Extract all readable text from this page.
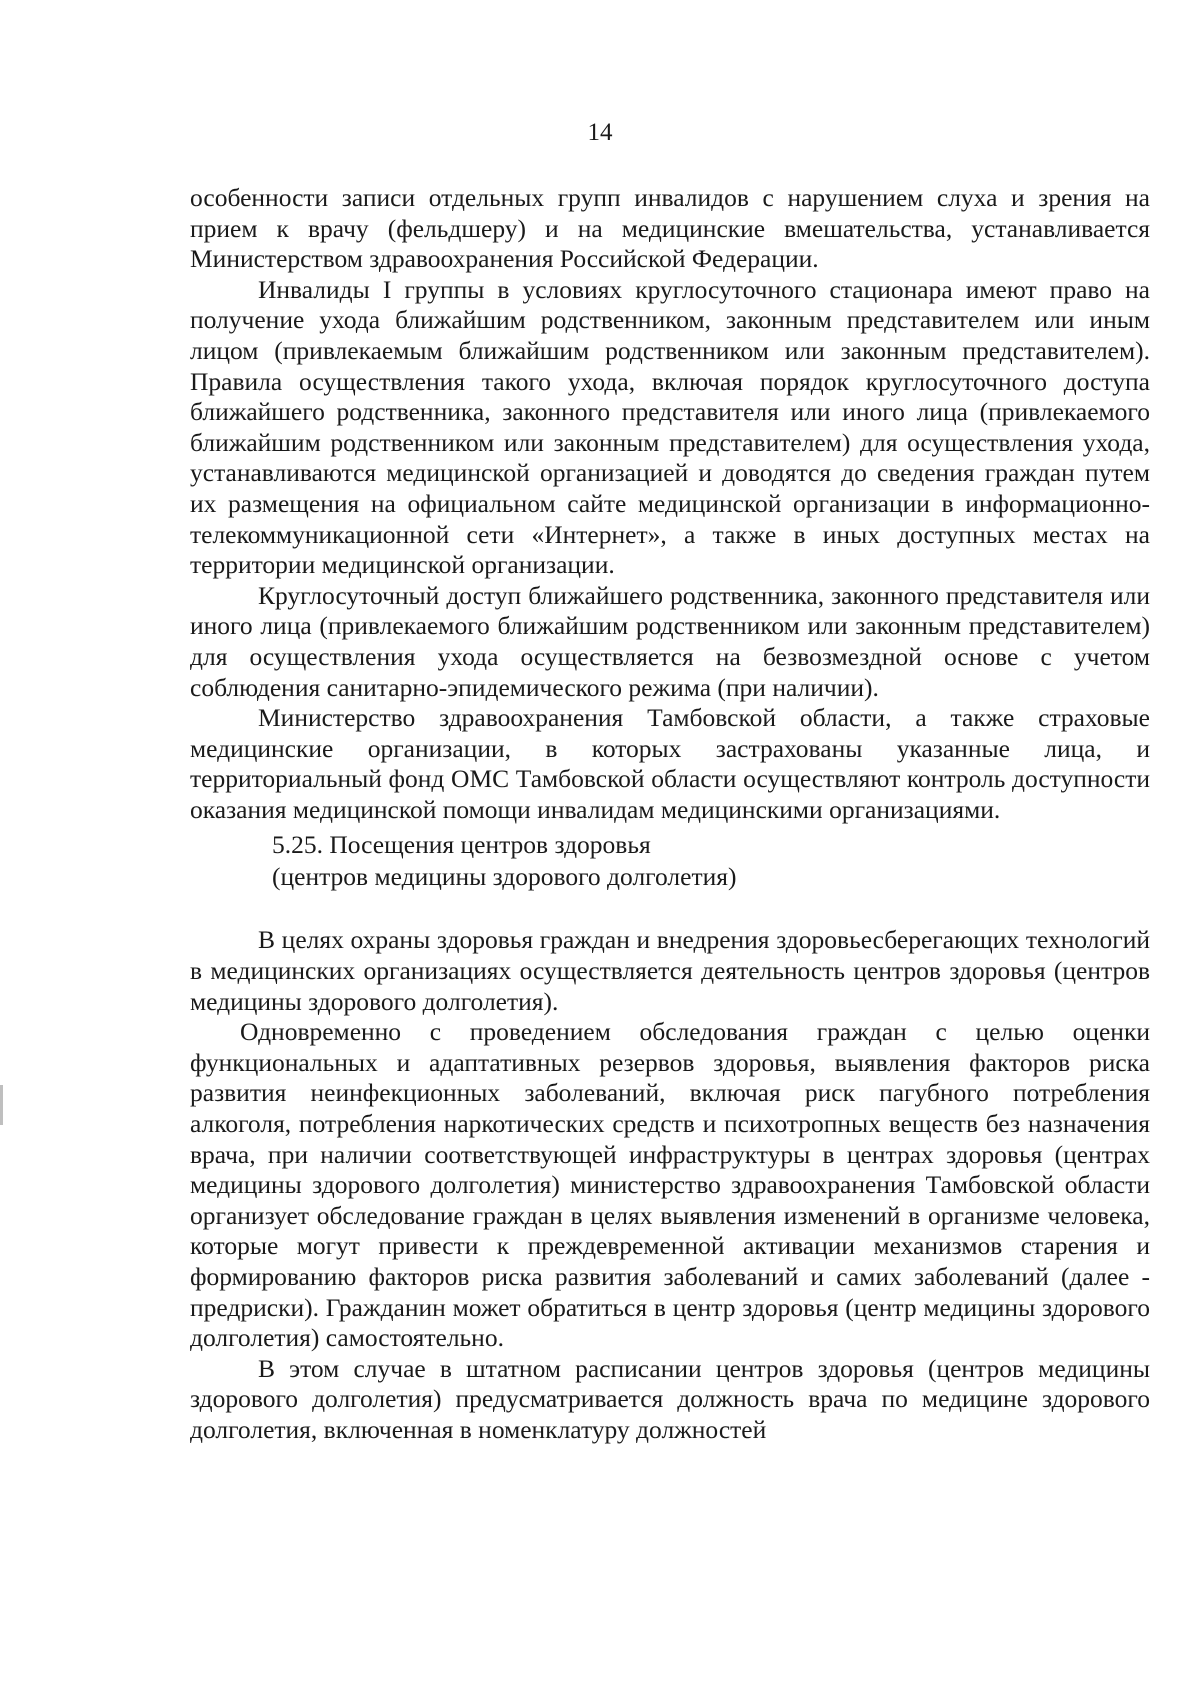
14

особенности записи отдельных групп инвалидов с нарушением слуха и зрения на прием к врачу (фельдшеру) и на медицинские вмешательства, устанавливается Министерством здравоохранения Российской Федерации.

Инвалиды I группы в условиях круглосуточного стационара имеют право на получение ухода ближайшим родственником, законным представителем или иным лицом (привлекаемым ближайшим родственником или законным представителем). Правила осуществления такого ухода, включая порядок круглосуточного доступа ближайшего родственника, законного представителя или иного лица (привлекаемого ближайшим родственником или законным представителем) для осуществления ухода, устанавливаются медицинской организацией и доводятся до сведения граждан путем их размещения на официальном сайте медицинской организации в информационно-телекоммуникационной сети «Интернет», а также в иных доступных местах на территории медицинской организации.

Круглосуточный доступ ближайшего родственника, законного представителя или иного лица (привлекаемого ближайшим родственником или законным представителем) для осуществления ухода осуществляется на безвозмездной основе с учетом соблюдения санитарно-эпидемического режима (при наличии).

Министерство здравоохранения Тамбовской области, а также страховые медицинские организации, в которых застрахованы указанные лица, и территориальный фонд ОМС Тамбовской области осуществляют контроль доступности оказания медицинской помощи инвалидам медицинскими организациями.

5.25. Посещения центров здоровья
(центров медицины здорового долголетия)

В целях охраны здоровья граждан и внедрения здоровьесберегающих технологий в медицинских организациях осуществляется деятельность центров здоровья (центров медицины здорового долголетия).

Одновременно с проведением обследования граждан с целью оценки функциональных и адаптативных резервов здоровья, выявления факторов риска развития неинфекционных заболеваний, включая риск пагубного потребления алкоголя, потребления наркотических средств и психотропных веществ без назначения врача, при наличии соответствующей инфраструктуры в центрах здоровья (центрах медицины здорового долголетия) министерство здравоохранения Тамбовской области организует обследование граждан в целях выявления изменений в организме человека, которые могут привести к преждевременной активации механизмов старения и формированию факторов риска развития заболеваний и самих заболеваний (далее - предриски). Гражданин может обратиться в центр здоровья (центр медицины здорового долголетия) самостоятельно.

В этом случае в штатном расписании центров здоровья (центров медицины здорового долголетия) предусматривается должность врача по медицине здорового долголетия, включенная в номенклатуру должностей
